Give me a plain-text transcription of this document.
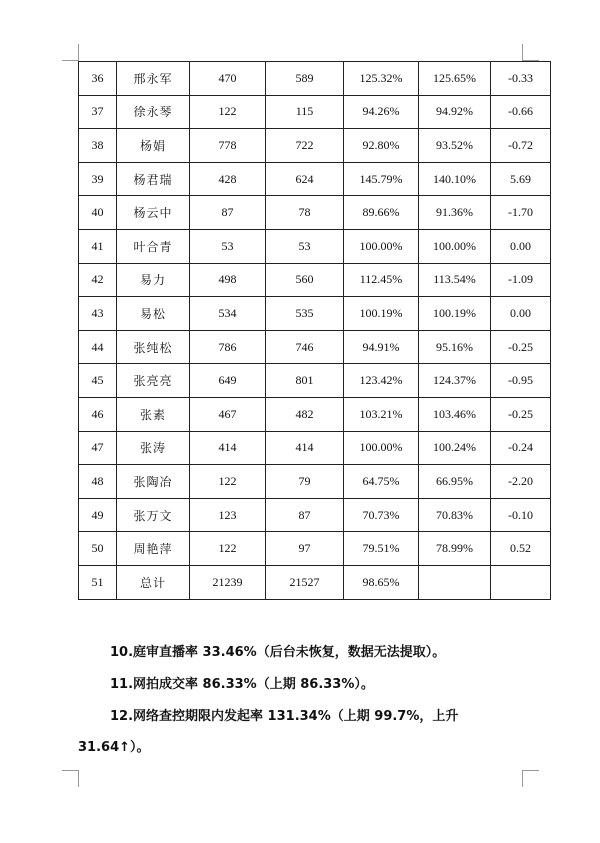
36	邢永军	470	589	125.32%	125.65%	-0.33
37	徐永琴	122	115	94.26%	94.92%	-0.66
38	杨娟	778	722	92.80%	93.52%	-0.72
39	杨君瑞	428	624	145.79%	140.10%	5.69
40	杨云中	87	78	89.66%	91.36%	-1.70
41	叶合青	53	53	100.00%	100.00%	0.00
42	易力	498	560	112.45%	113.54%	-1.09
43	易松	534	535	100.19%	100.19%	0.00
44	张纯松	786	746	94.91%	95.16%	-0.25
45	张亮亮	649	801	123.42%	124.37%	-0.95
46	张素	467	482	103.21%	103.46%	-0.25
47	张涛	414	414	100.00%	100.24%	-0.24
48	张陶冶	122	79	64.75%	66.95%	-2.20
49	张万文	123	87	70.73%	70.83%	-0.10
50	周艳萍	122	97	79.51%	78.99%	0.52
51	总计	21239	21527	98.65%		

10.庭审直播率 33.46%（后台未恢复，数据无法提取）。

11.网拍成交率 86.33%（上期 86.33%）。

12.网络查控期限内发起率 131.34%（上期 99.7%，上升

31.64↑）。
